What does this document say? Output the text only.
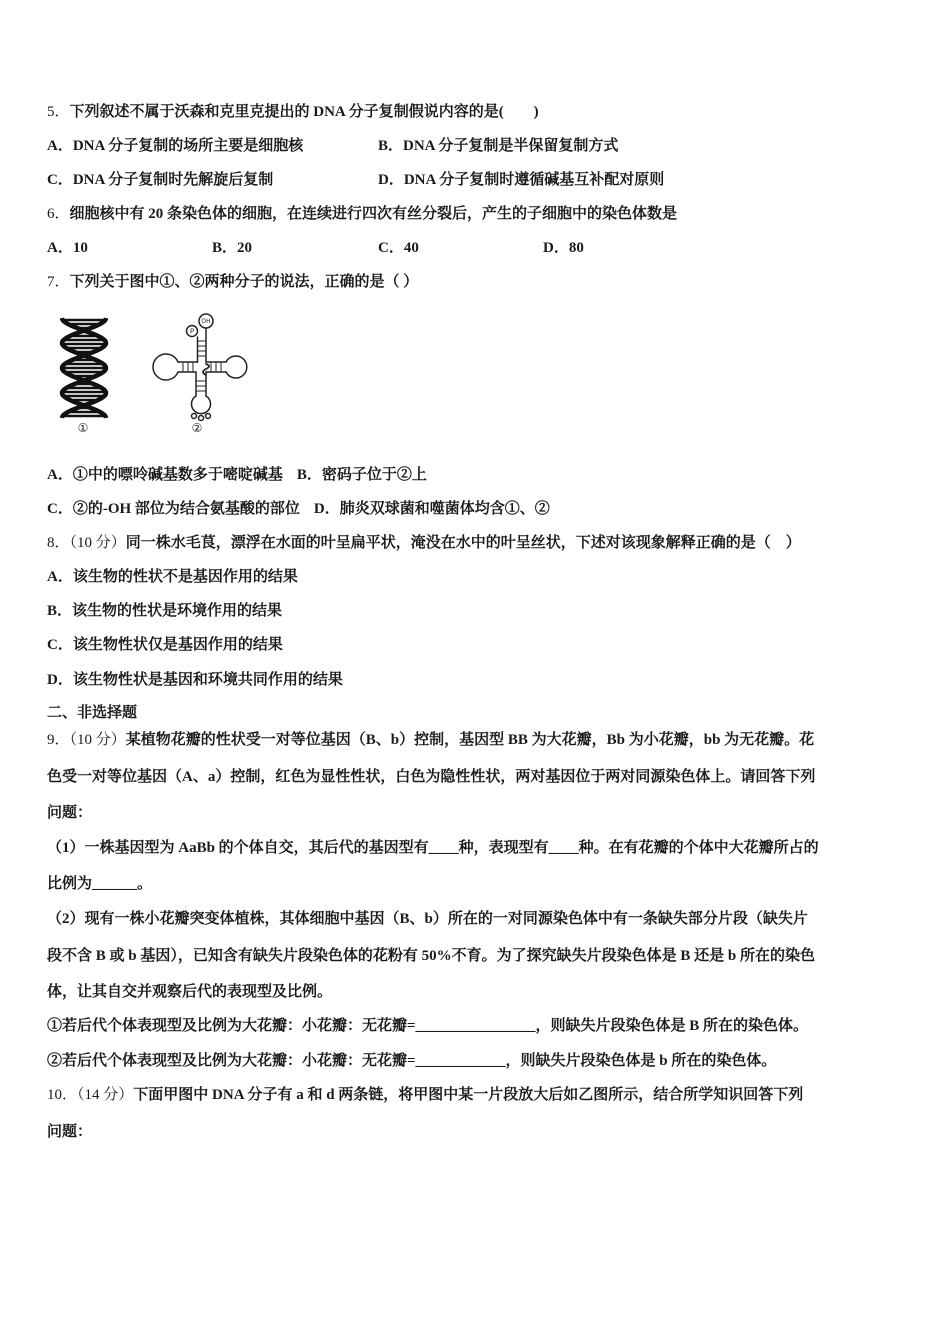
5．下列叙述不属于沃森和克里克提出的 DNA 分子复制假说内容的是(　　)
A．DNA 分子复制的场所主要是细胞核	B．DNA 分子复制是半保留复制方式
C．DNA 分子复制时先解旋后复制	D．DNA 分子复制时遵循碱基互补配对原则
6．细胞核中有 20 条染色体的细胞，在连续进行四次有丝分裂后，产生的子细胞中的染色体数是
A．10	B．20	C．40	D．80
7．下列关于图中①、②两种分子的说法，正确的是（ ）
①
OH
P
②
A．①中的嘌呤碱基数多于嘧啶碱基 B．密码子位于②上
C．②的-OH 部位为结合氨基酸的部位 D．肺炎双球菌和噬菌体均含①、②
8．（10 分）同一株水毛茛，漂浮在水面的叶呈扁平状，淹没在水中的叶呈丝状，下述对该现象解释正确的是（　）
A．该生物的性状不是基因作用的结果
B．该生物的性状是环境作用的结果
C．该生物性状仅是基因作用的结果
D．该生物性状是基因和环境共同作用的结果
二、非选择题
9．（10 分）某植物花瓣的性状受一对等位基因（B、b）控制，基因型 BB 为大花瓣，Bb 为小花瓣，bb 为无花瓣。花
色受一对等位基因（A、a）控制，红色为显性性状，白色为隐性性状，两对基因位于两对同源染色体上。请回答下列
问题：
（1）一株基因型为 AaBb 的个体自交，其后代的基因型有____种，表现型有____种。在有花瓣的个体中大花瓣所占的
比例为______。
（2）现有一株小花瓣突变体植株，其体细胞中基因（B、b）所在的一对同源染色体中有一条缺失部分片段（缺失片
段不含 B 或 b 基因），已知含有缺失片段染色体的花粉有 50%不育。为了探究缺失片段染色体是 B 还是 b 所在的染色
体，让其自交并观察后代的表现型及比例。
①若后代个体表现型及比例为大花瓣：小花瓣：无花瓣=________________，则缺失片段染色体是 B 所在的染色体。
②若后代个体表现型及比例为大花瓣：小花瓣：无花瓣=____________，则缺失片段染色体是 b 所在的染色体。
10．（14 分）下面甲图中 DNA 分子有 a 和 d 两条链，将甲图中某一片段放大后如乙图所示，结合所学知识回答下列
问题：
